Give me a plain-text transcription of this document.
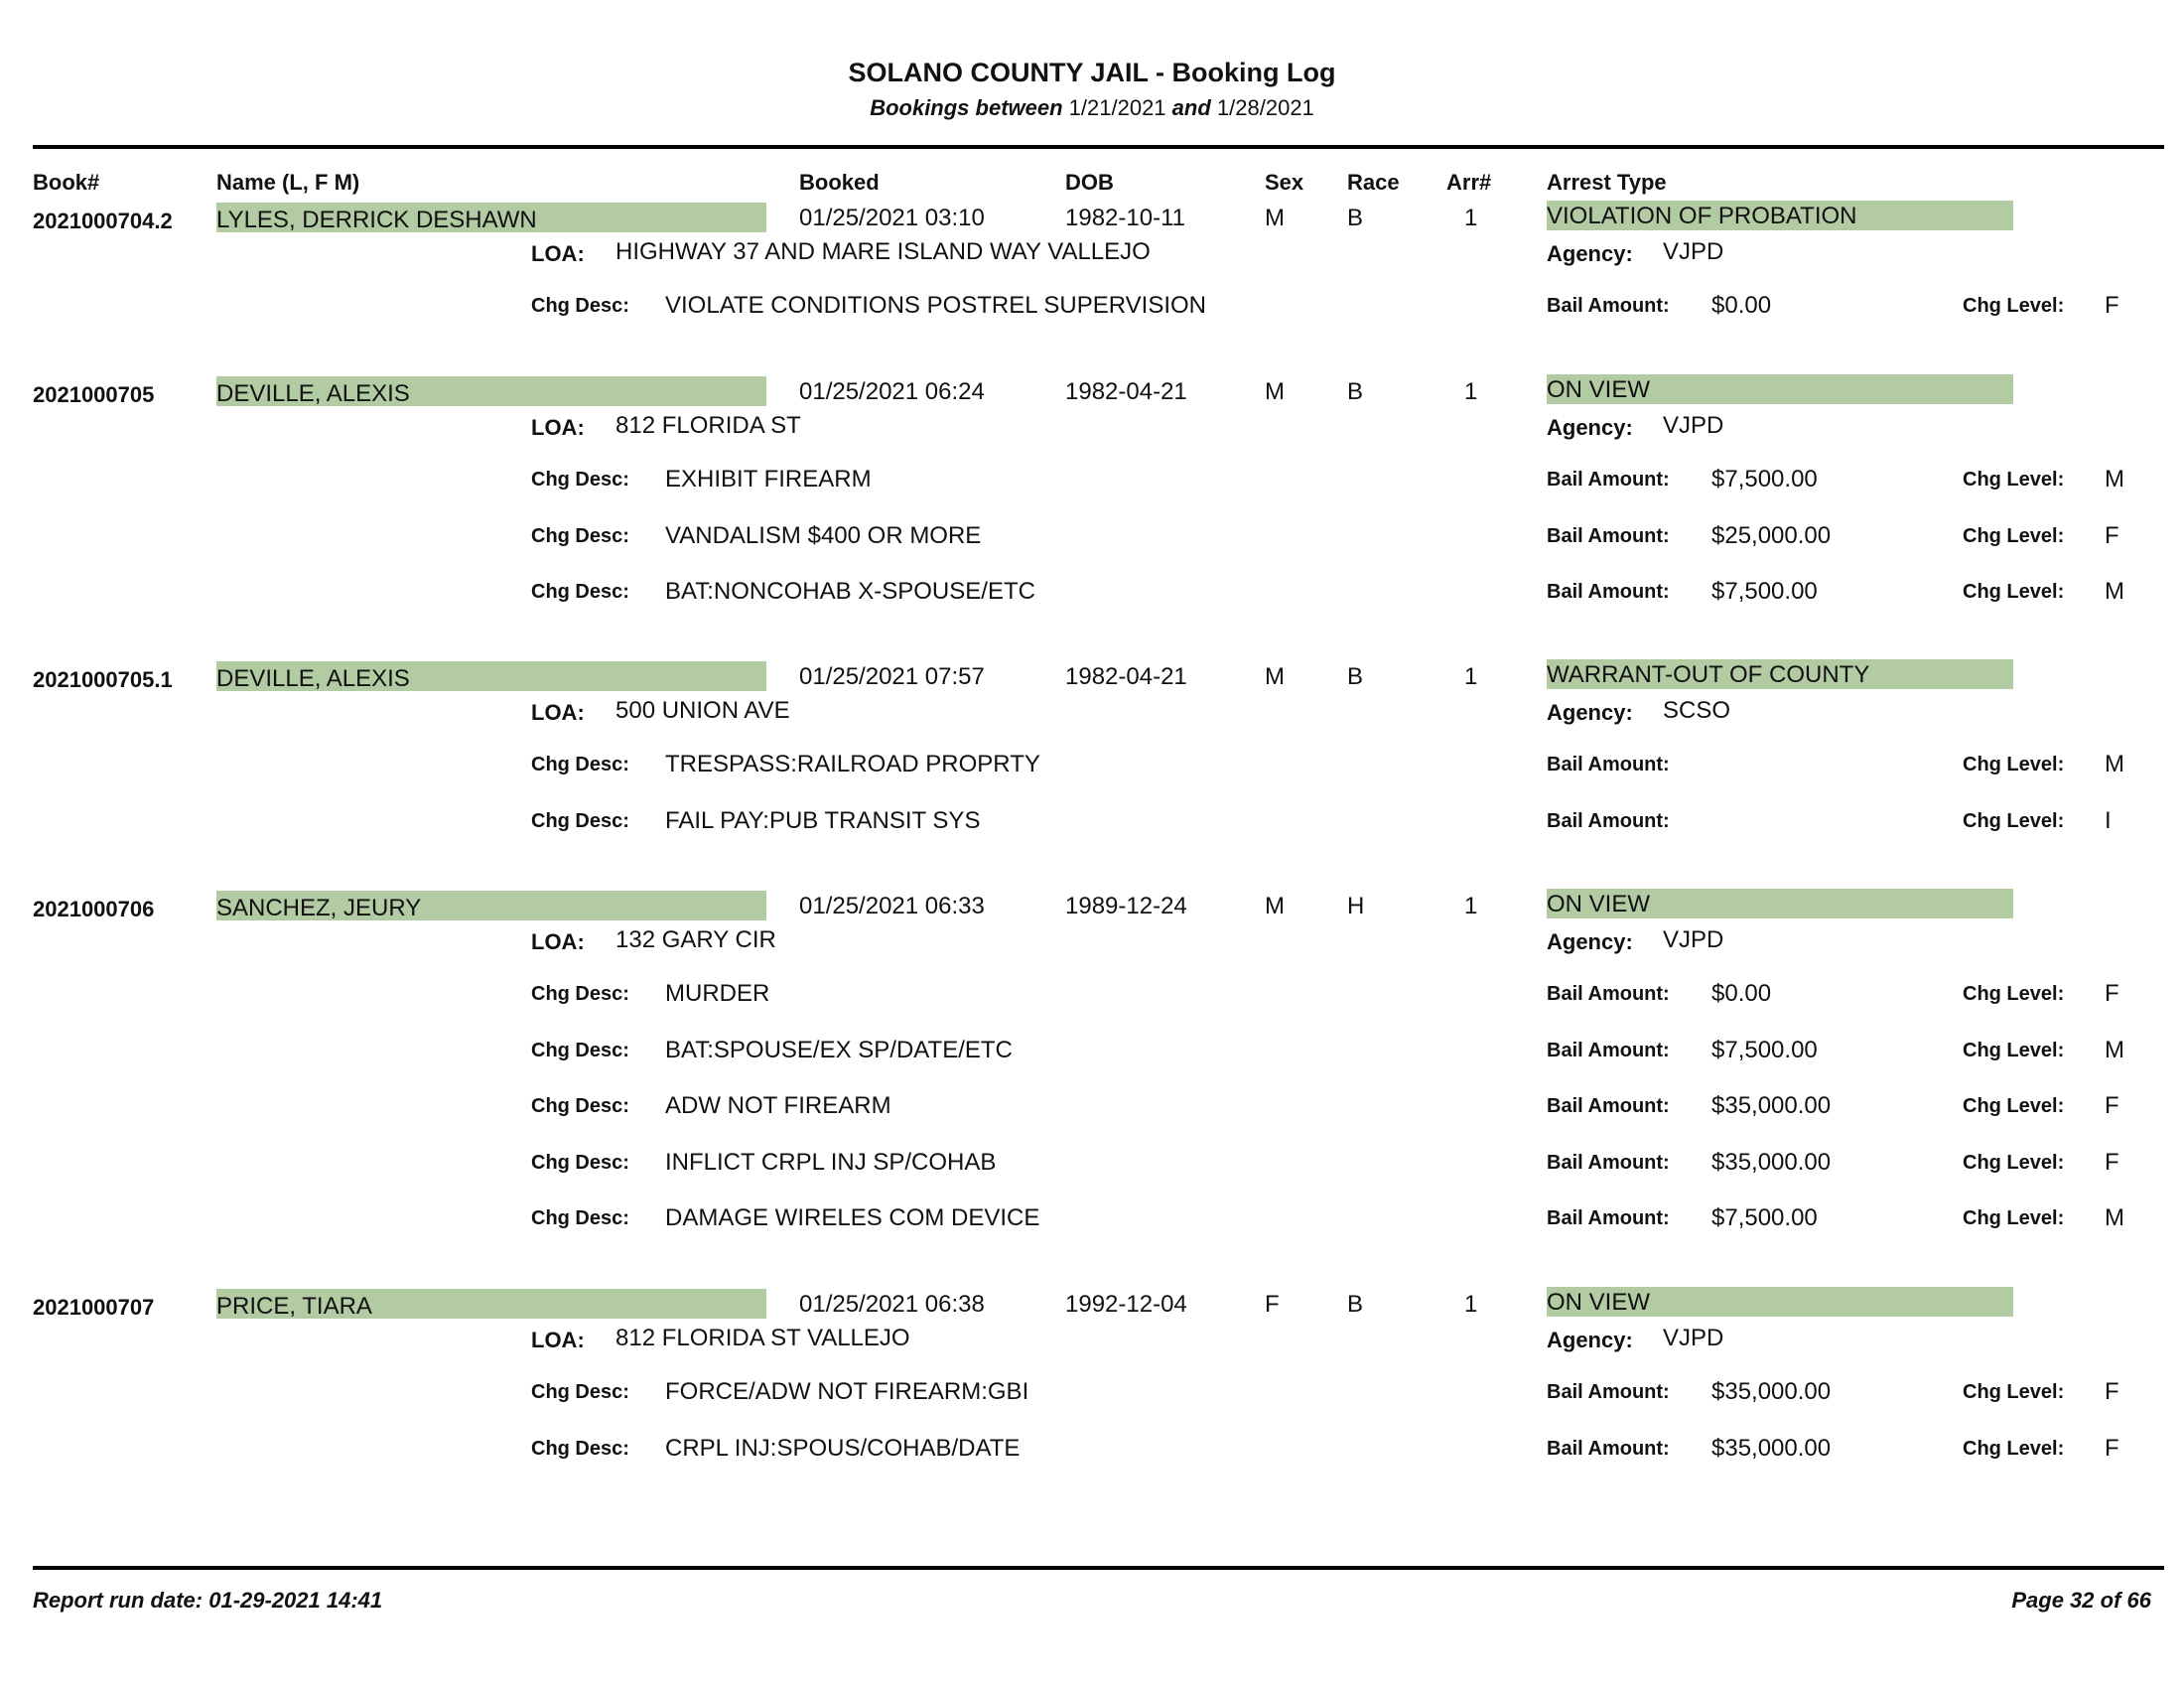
SOLANO COUNTY JAIL - Booking Log
Bookings between 1/21/2021 and 1/28/2021
Book#	Name (L, F M)	Booked	DOB	Sex Race Arr#	Arrest Type
2021000704.2 LYLES, DERRICK DESHAWN	01/25/2021 03:10	1982-10-11	M	B	1	VIOLATION OF PROBATION
LOA: HIGHWAY 37 AND MARE ISLAND WAY VALLEJO	Agency: VJPD
Chg Desc: VIOLATE CONDITIONS POSTREL SUPERVISION	Bail Amount: $0.00	Chg Level: F
2021000705	DEVILLE, ALEXIS	01/25/2021 06:24	1982-04-21	M	B	1	ON VIEW
LOA: 812 FLORIDA ST	Agency: VJPD
Chg Desc: EXHIBIT FIREARM	Bail Amount: $7,500.00	Chg Level: M
Chg Desc: VANDALISM $400 OR MORE	Bail Amount: $25,000.00	Chg Level: F
Chg Desc: BAT:NONCOHAB X-SPOUSE/ETC	Bail Amount: $7,500.00	Chg Level: M
2021000705.1 DEVILLE, ALEXIS	01/25/2021 07:57	1982-04-21	M	B	1	WARRANT-OUT OF COUNTY
LOA: 500 UNION AVE	Agency: SCSO
Chg Desc: TRESPASS:RAILROAD PROPRTY	Bail Amount:	Chg Level: M
Chg Desc: FAIL PAY:PUB TRANSIT SYS	Bail Amount:	Chg Level: I
2021000706	SANCHEZ, JEURY	01/25/2021 06:33	1989-12-24	M	H	1	ON VIEW
LOA: 132 GARY CIR	Agency: VJPD
Chg Desc: MURDER	Bail Amount: $0.00	Chg Level: F
Chg Desc: BAT:SPOUSE/EX SP/DATE/ETC	Bail Amount: $7,500.00	Chg Level: M
Chg Desc: ADW NOT FIREARM	Bail Amount: $35,000.00	Chg Level: F
Chg Desc: INFLICT CRPL INJ SP/COHAB	Bail Amount: $35,000.00	Chg Level: F
Chg Desc: DAMAGE WIRELES COM DEVICE	Bail Amount: $7,500.00	Chg Level: M
2021000707	PRICE, TIARA	01/25/2021 06:38	1992-12-04	F	B	1	ON VIEW
LOA: 812 FLORIDA ST VALLEJO	Agency: VJPD
Chg Desc: FORCE/ADW NOT FIREARM:GBI	Bail Amount: $35,000.00	Chg Level: F
Chg Desc: CRPL INJ:SPOUS/COHAB/DATE	Bail Amount: $35,000.00	Chg Level: F
Report run date: 01-29-2021 14:41	Page 32 of 66
